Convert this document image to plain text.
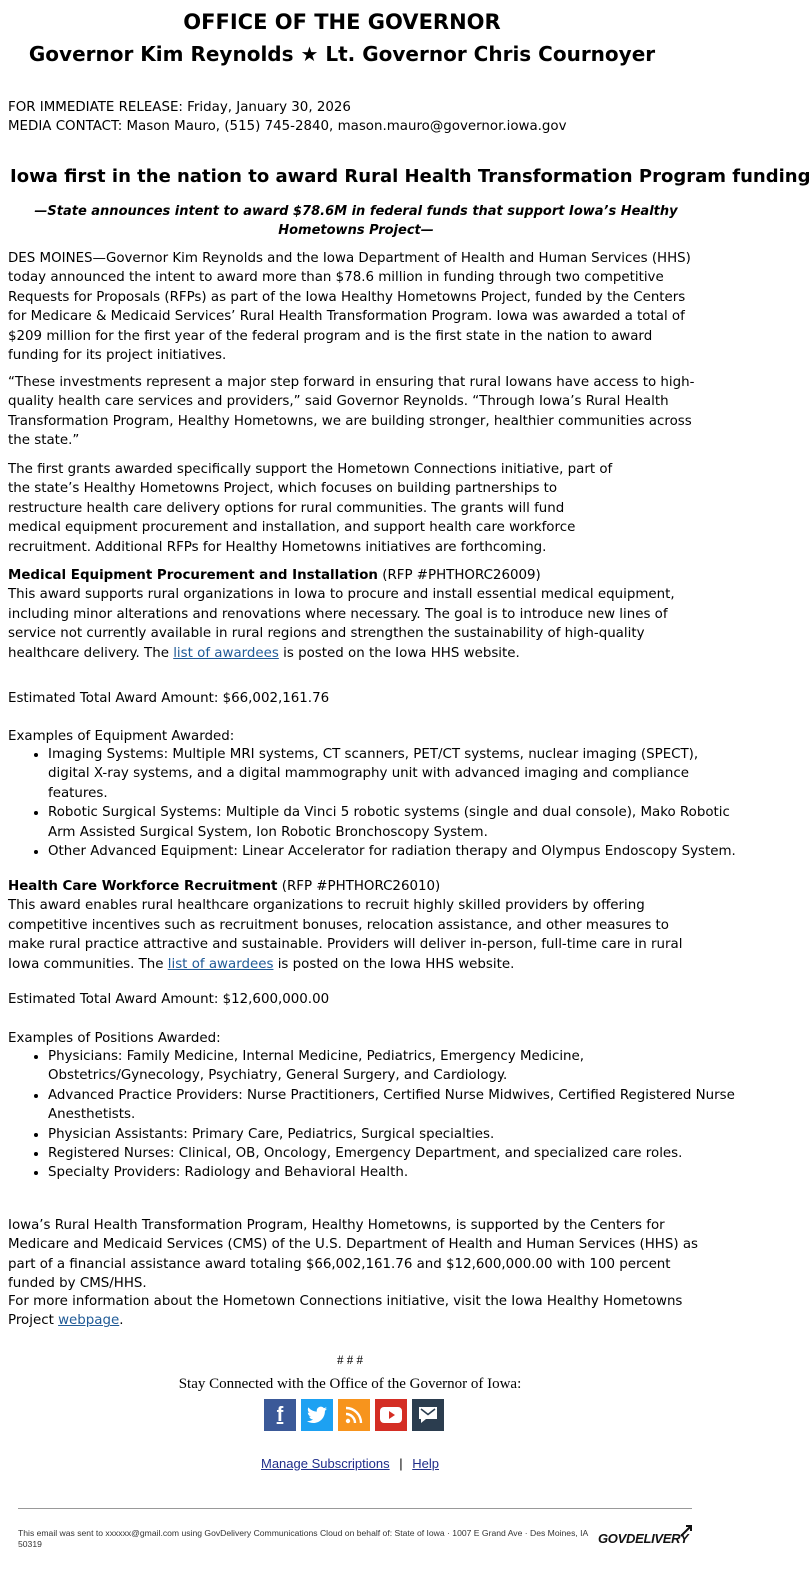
OFFICE OF THE GOVERNOR
Governor Kim Reynolds ★ Lt. Governor Chris Cournoyer

FOR IMMEDIATE RELEASE: Friday, January 30, 2026

MEDIA CONTACT: Mason Mauro, (515) 745-2840, mason.mauro@governor.iowa.gov

Iowa first in the nation to award Rural Health Transformation Program funding
—State announces intent to award $78.6M in federal funds that support Iowa’s Healthy Hometowns Project—

DES MOINES—Governor Kim Reynolds and the Iowa Department of Health and Human Services (HHS) today announced the intent to award more than $78.6 million in funding through two competitive Requests for Proposals (RFPs) as part of the Iowa Healthy Hometowns Project, funded by the Centers for Medicare & Medicaid Services’ Rural Health Transformation Program. Iowa was awarded a total of $209 million for the first year of the federal program and is the first state in the nation to award funding for its project initiatives.

“These investments represent a major step forward in ensuring that rural Iowans have access to high-quality health care services and providers,” said Governor Reynolds. “Through Iowa’s Rural Health Transformation Program, Healthy Hometowns, we are building stronger, healthier communities across the state.”

The first grants awarded specifically support the Hometown Connections initiative, part of the state’s Healthy Hometowns Project, which focuses on building partnerships to restructure health care delivery options for rural communities. The grants will fund medical equipment procurement and installation, and support health care workforce recruitment. Additional RFPs for Healthy Hometowns initiatives are forthcoming.

Medical Equipment Procurement and Installation (RFP #PHTHORC26009)
This award supports rural organizations in Iowa to procure and install essential medical equipment, including minor alterations and renovations where necessary. The goal is to introduce new lines of service not currently available in rural regions and strengthen the sustainability of high-quality healthcare delivery. The list of awardees is posted on the Iowa HHS website.

Estimated Total Award Amount: $66,002,161.76

Examples of Equipment Awarded:

• Imaging Systems: Multiple MRI systems, CT scanners, PET/CT systems, nuclear imaging (SPECT), digital X-ray systems, and a digital mammography unit with advanced imaging and compliance features.
• Robotic Surgical Systems: Multiple da Vinci 5 robotic systems (single and dual console), Mako Robotic Arm Assisted Surgical System, Ion Robotic Bronchoscopy System.
• Other Advanced Equipment: Linear Accelerator for radiation therapy and Olympus Endoscopy System.

Health Care Workforce Recruitment (RFP #PHTHORC26010)
This award enables rural healthcare organizations to recruit highly skilled providers by offering competitive incentives such as recruitment bonuses, relocation assistance, and other measures to make rural practice attractive and sustainable. Providers will deliver in-person, full-time care in rural Iowa communities. The list of awardees is posted on the Iowa HHS website.

Estimated Total Award Amount: $12,600,000.00

Examples of Positions Awarded:

• Physicians: Family Medicine, Internal Medicine, Pediatrics, Emergency Medicine, Obstetrics/Gynecology, Psychiatry, General Surgery, and Cardiology.
• Advanced Practice Providers: Nurse Practitioners, Certified Nurse Midwives, Certified Registered Nurse Anesthetists.
• Physician Assistants: Primary Care, Pediatrics, Surgical specialties.
• Registered Nurses: Clinical, OB, Oncology, Emergency Department, and specialized care roles.
• Specialty Providers: Radiology and Behavioral Health.

Iowa’s Rural Health Transformation Program, Healthy Hometowns, is supported by the Centers for Medicare and Medicaid Services (CMS) of the U.S. Department of Health and Human Services (HHS) as part of a financial assistance award totaling $66,002,161.76 and $12,600,000.00 with 100 percent funded by CMS/HHS.

For more information about the Hometown Connections initiative, visit the Iowa Healthy Hometowns Project webpage.

# # #
Stay Connected with the Office of the Governor of Iowa:
f
Manage Subscriptions | Help
This email was sent to xxxxxx@gmail.com using GovDelivery Communications Cloud on behalf of: State of Iowa · 1007 E Grand Ave · Des Moines, IA 50319	GOVDELIVERY
